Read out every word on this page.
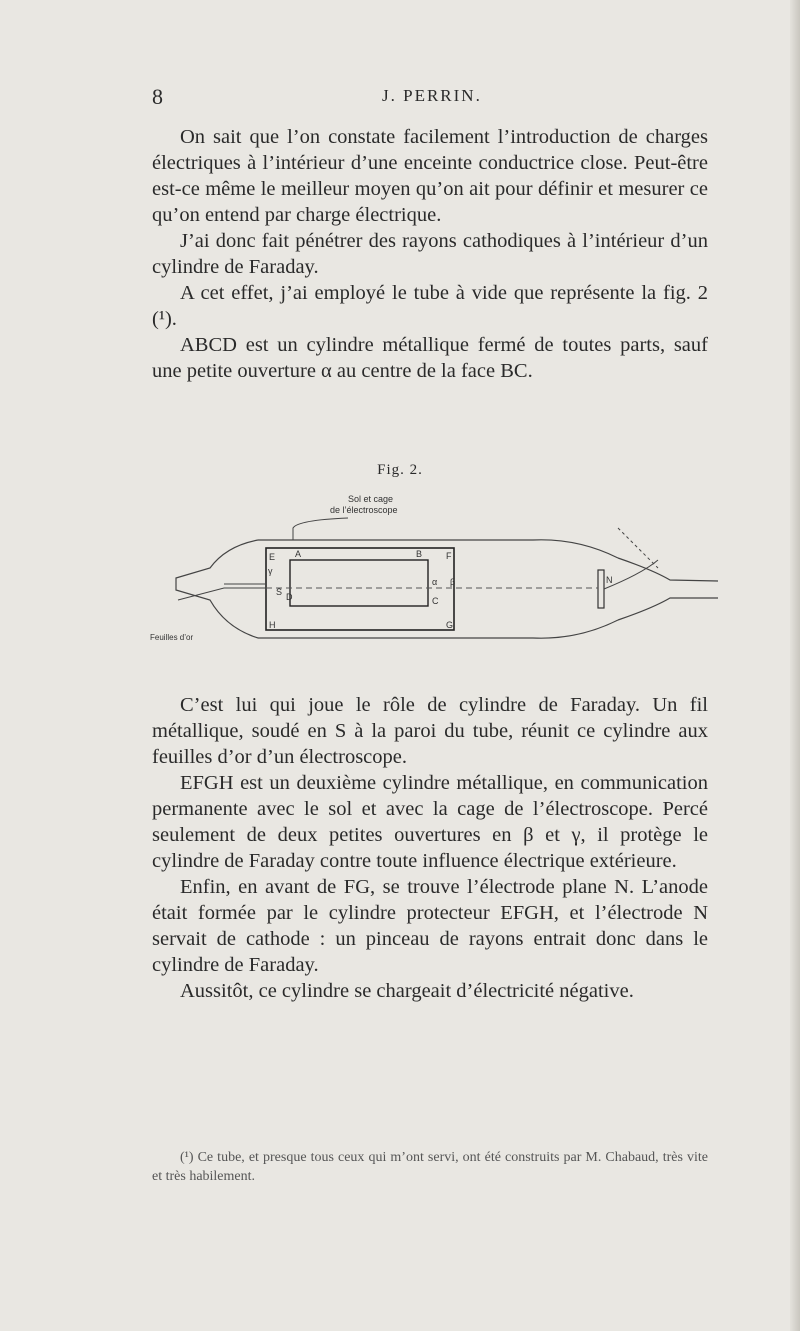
8	J. PERRIN.

On sait que l’on constate facilement l’introduction de charges électriques à l’intérieur d’une enceinte conductrice close. Peut-être est-ce même le meilleur moyen qu’on ait pour définir et mesurer ce qu’on entend par charge électrique.

J’ai donc fait pénétrer des rayons cathodiques à l’intérieur d’un cylindre de Faraday.

A cet effet, j’ai employé le tube à vide que représente la fig. 2 (¹).

ABCD est un cylindre métallique fermé de toutes parts, sauf une petite ouverture α au centre de la face BC.

Fig. 2.
Sol et cage
de l’électroscope
Feuilles d’or
E A	B	F
S D	C
G
H
N
α β
γ

C’est lui qui joue le rôle de cylindre de Faraday. Un fil métallique, soudé en S à la paroi du tube, réunit ce cylindre aux feuilles d’or d’un électroscope.

EFGH est un deuxième cylindre métallique, en communication permanente avec le sol et avec la cage de l’électroscope. Percé seulement de deux petites ouvertures en β et γ, il protège le cylindre de Faraday contre toute influence électrique extérieure.

Enfin, en avant de FG, se trouve l’électrode plane N. L’anode était formée par le cylindre protecteur EFGH, et l’électrode N servait de cathode : un pinceau de rayons entrait donc dans le cylindre de Faraday.

Aussitôt, ce cylindre se chargeait d’électricité négative.

(¹) Ce tube, et presque tous ceux qui m’ont servi, ont été construits par M. Chabaud, très vite et très habilement.
